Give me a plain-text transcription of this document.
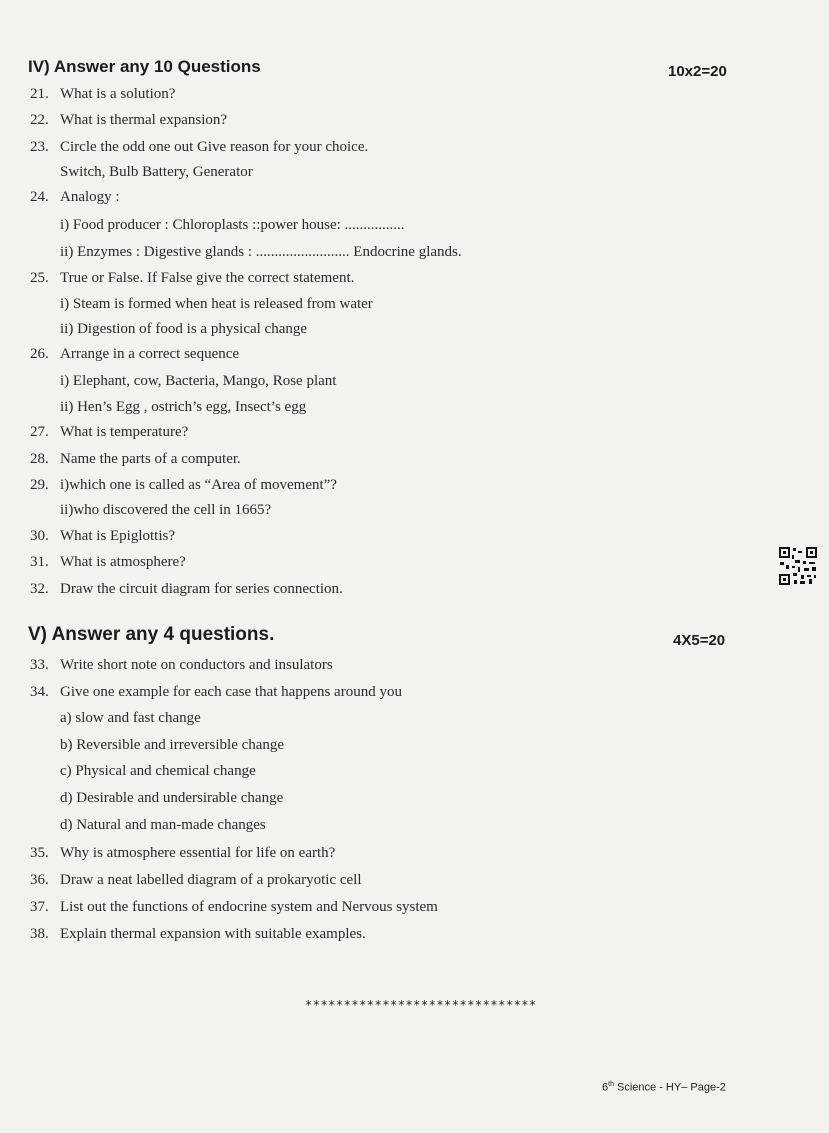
IV) Answer any 10 Questions	10x2=20
21. What is a solution?
22. What is thermal expansion?
23. Circle the odd one out Give reason for your choice.
Switch, Bulb Battery, Generator
24. Analogy :
i) Food producer : Chloroplasts ::power house: ................
ii) Enzymes : Digestive glands : ......................... Endocrine glands.
25. True or False. If False give the correct statement.
i) Steam is formed when heat is released from water
ii) Digestion of food is a physical change
26. Arrange in a correct sequence
i) Elephant, cow, Bacteria, Mango, Rose plant
ii) Hen’s Egg , ostrich’s egg, Insect’s egg
27. What is temperature?
28. Name the parts of a computer.
29. i)which one is called as “Area of movement”?
ii)who discovered the cell in 1665?
30. What is Epiglottis?
31. What is atmosphere?
32. Draw the circuit diagram for series connection.
V) Answer any 4 questions.	4X5=20
33. Write short note on conductors and insulators
34. Give one example for each case that happens around you
a) slow and fast change
b) Reversible and irreversible change
c) Physical and chemical change
d) Desirable and undersirable change
d) Natural and man-made changes
35. Why is atmosphere essential for life on earth?
36. Draw a neat labelled diagram of a prokaryotic cell
37. List out the functions of endocrine system and Nervous system
38. Explain thermal expansion with suitable examples.
******************************
6th Science - HY– Page-2
